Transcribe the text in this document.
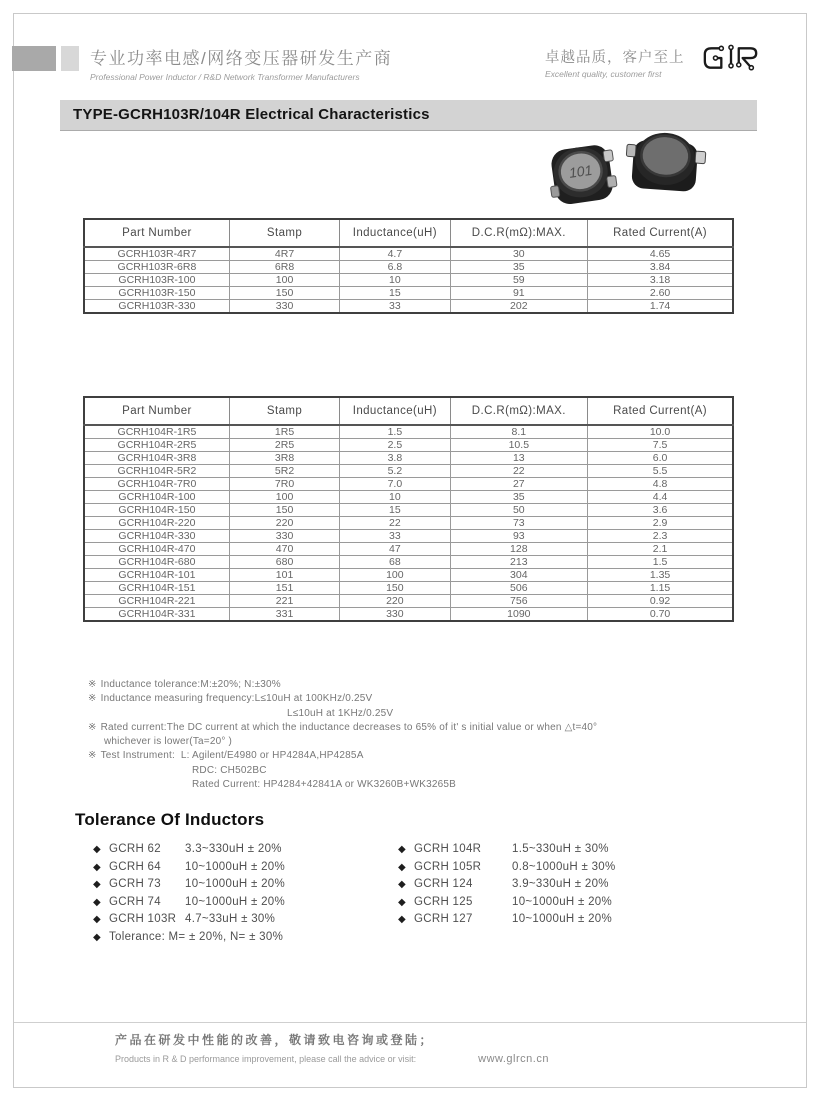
专业功率电感/网络变压器研发生产商
Professional Power Inductor / R&D Network Transformer Manufacturers
卓越品质，客户至上
Excellent quality, customer first
TYPE-GCRH103R/104R Electrical Characteristics
101
Part Number	Stamp	Inductance(uH)	D.C.R(mΩ):MAX.	Rated Current(A)
GCRH103R-4R7	4R7	4.7	30	4.65
GCRH103R-6R8	6R8	6.8	35	3.84
GCRH103R-100	100	10	59	3.18
GCRH103R-150	150	15	91	2.60
GCRH103R-330	330	33	202	1.74
Part Number	Stamp	Inductance(uH)	D.C.R(mΩ):MAX.	Rated Current(A)
GCRH104R-1R5	1R5	1.5	8.1	10.0
GCRH104R-2R5	2R5	2.5	10.5	7.5
GCRH104R-3R8	3R8	3.8	13	6.0
GCRH104R-5R2	5R2	5.2	22	5.5
GCRH104R-7R0	7R0	7.0	27	4.8
GCRH104R-100	100	10	35	4.4
GCRH104R-150	150	15	50	3.6
GCRH104R-220	220	22	73	2.9
GCRH104R-330	330	33	93	2.3
GCRH104R-470	470	47	128	2.1
GCRH104R-680	680	68	213	1.5
GCRH104R-101	101	100	304	1.35
GCRH104R-151	151	150	506	1.15
GCRH104R-221	221	220	756	0.92
GCRH104R-331	331	330	1090	0.70
※ Inductance tolerance:M:±20%; N:±30%
※ Inductance measuring frequency:L≤10uH at 100KHz/0.25V
L≤10uH at 1KHz/0.25V
※ Rated current:The DC current at which the inductance decreases to 65% of it' s initial value or when △t=40°
whichever is lower(Ta=20° )
※ Test Instrument:  L: Agilent/E4980 or HP4284A,HP4285A
RDC: CH502BC
Rated Current: HP4284+42841A or WK3260B+WK3265B
Tolerance Of Inductors
◆ GCRH 62	3.3~330uH ± 20%
◆ GCRH 64	10~1000uH ± 20%
◆ GCRH 73	10~1000uH ± 20%
◆ GCRH 74	10~1000uH ± 20%
◆ GCRH 103R 4.7~33uH ± 30%
◆ Tolerance: M= ± 20%, N= ± 30%
◆ GCRH 104R	1.5~330uH ± 30%
◆ GCRH 105R	0.8~1000uH ± 30%
◆ GCRH 124	3.9~330uH ± 20%
◆ GCRH 125	10~1000uH ± 20%
◆ GCRH 127	10~1000uH ± 20%
产品在研发中性能的改善，敬请致电咨询或登陆；
Products in R & D performance improvement, please call the advice or visit:	www.glrcn.cn
